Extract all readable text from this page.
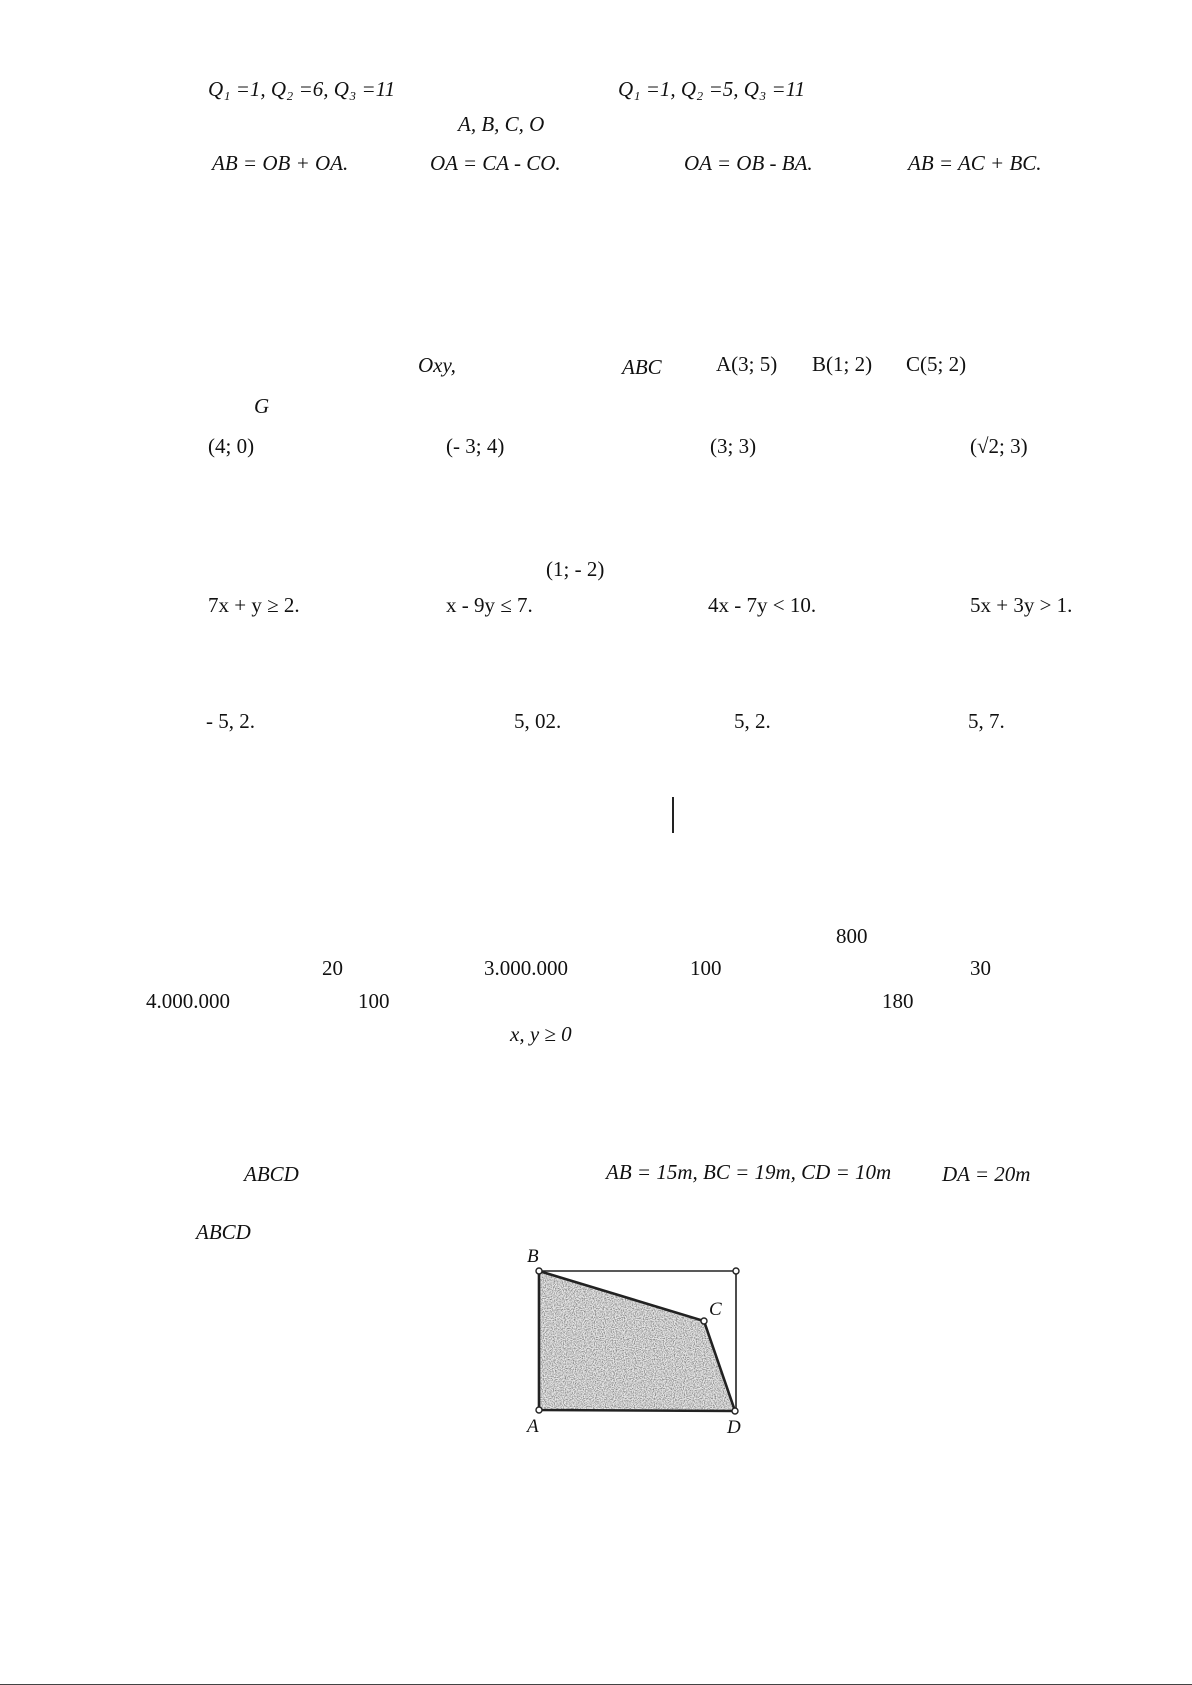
Q₁ =1, Q₂ =6, Q₃ =11	Q₁ =1, Q₂ =5, Q₃ =11
A, B, C, O
AB = OB + OA.	OA = CA - CO.	OA = OB - BA.	AB = AC + BC.
Oxy,	ABC	A(3; 5) B(1; 2) C(5; 2)
G
(4; 0)	(- 3; 4)	(3; 3)	(√2; 3)
(1; - 2)
7x + y ≥ 2.	x - 9y ≤ 7.	4x - 7y < 10.	5x + 3y > 1.
- 5, 2.	5, 02.	5, 2.	5, 7.
800
20	3.000.000	100	30
4.000.000	100	180
x, y ≥ 0
ABCD	AB = 15m, BC = 19m, CD = 10m DA = 20m
ABCD
B
C
A	D
